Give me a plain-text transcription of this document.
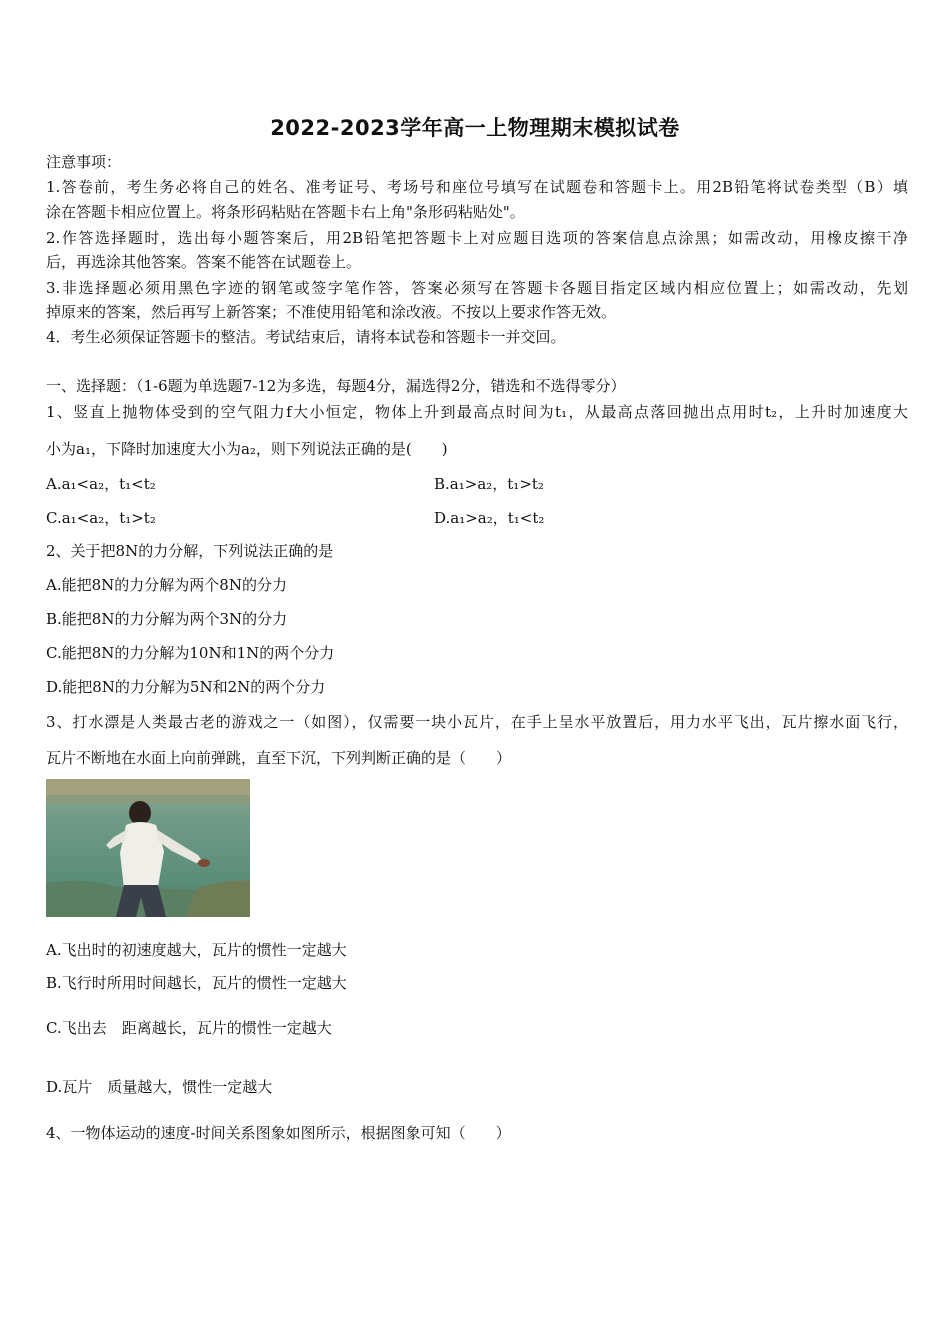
2022-2023学年高一上物理期末模拟试卷
注意事项：
1.答卷前，考生务必将自己的姓名、准考证号、考场号和座位号填写在试题卷和答题卡上。用2B铅笔将试卷类型（B）填
涂在答题卡相应位置上。将条形码粘贴在答题卡右上角"条形码粘贴处"。
2.作答选择题时，选出每小题答案后，用2B铅笔把答题卡上对应题目选项的答案信息点涂黑；如需改动，用橡皮擦干净
后，再选涂其他答案。答案不能答在试题卷上。
3.非选择题必须用黑色字迹的钢笔或签字笔作答，答案必须写在答题卡各题目指定区域内相应位置上；如需改动，先划
掉原来的答案，然后再写上新答案；不准使用铅笔和涂改液。不按以上要求作答无效。
4．考生必须保证答题卡的整洁。考试结束后，请将本试卷和答题卡一并交回。
一、选择题：（1-6题为单选题7-12为多选，每题4分，漏选得2分，错选和不选得零分）
1、竖直上抛物体受到的空气阻力f大小恒定，物体上升到最高点时间为t₁，从最高点落回抛出点用时t₂，上升时加速度大
小为a₁，下降时加速度大小为a₂，则下列说法正确的是(　　)
A.a₁<a₂，t₁<t₂	B.a₁>a₂，t₁>t₂
C.a₁<a₂，t₁>t₂	D.a₁>a₂，t₁<t₂
2、关于把8N的力分解，下列说法正确的是
A.能把8N的力分解为两个8N的分力
B.能把8N的力分解为两个3N的分力
C.能把8N的力分解为10N和1N的两个分力
D.能把8N的力分解为5N和2N的两个分力
3、打水漂是人类最古老的游戏之一（如图），仅需要一块小瓦片，在手上呈水平放置后，用力水平飞出，瓦片擦水面飞行，
瓦片不断地在水面上向前弹跳，直至下沉，下列判断正确的是（　　）
A.飞出时的初速度越大，瓦片的惯性一定越大
B.飞行时所用时间越长，瓦片的惯性一定越大
C.飞出去　距离越长，瓦片的惯性一定越大
D.瓦片　质量越大，惯性一定越大
4、一物体运动的速度-时间关系图象如图所示，根据图象可知（　　）
